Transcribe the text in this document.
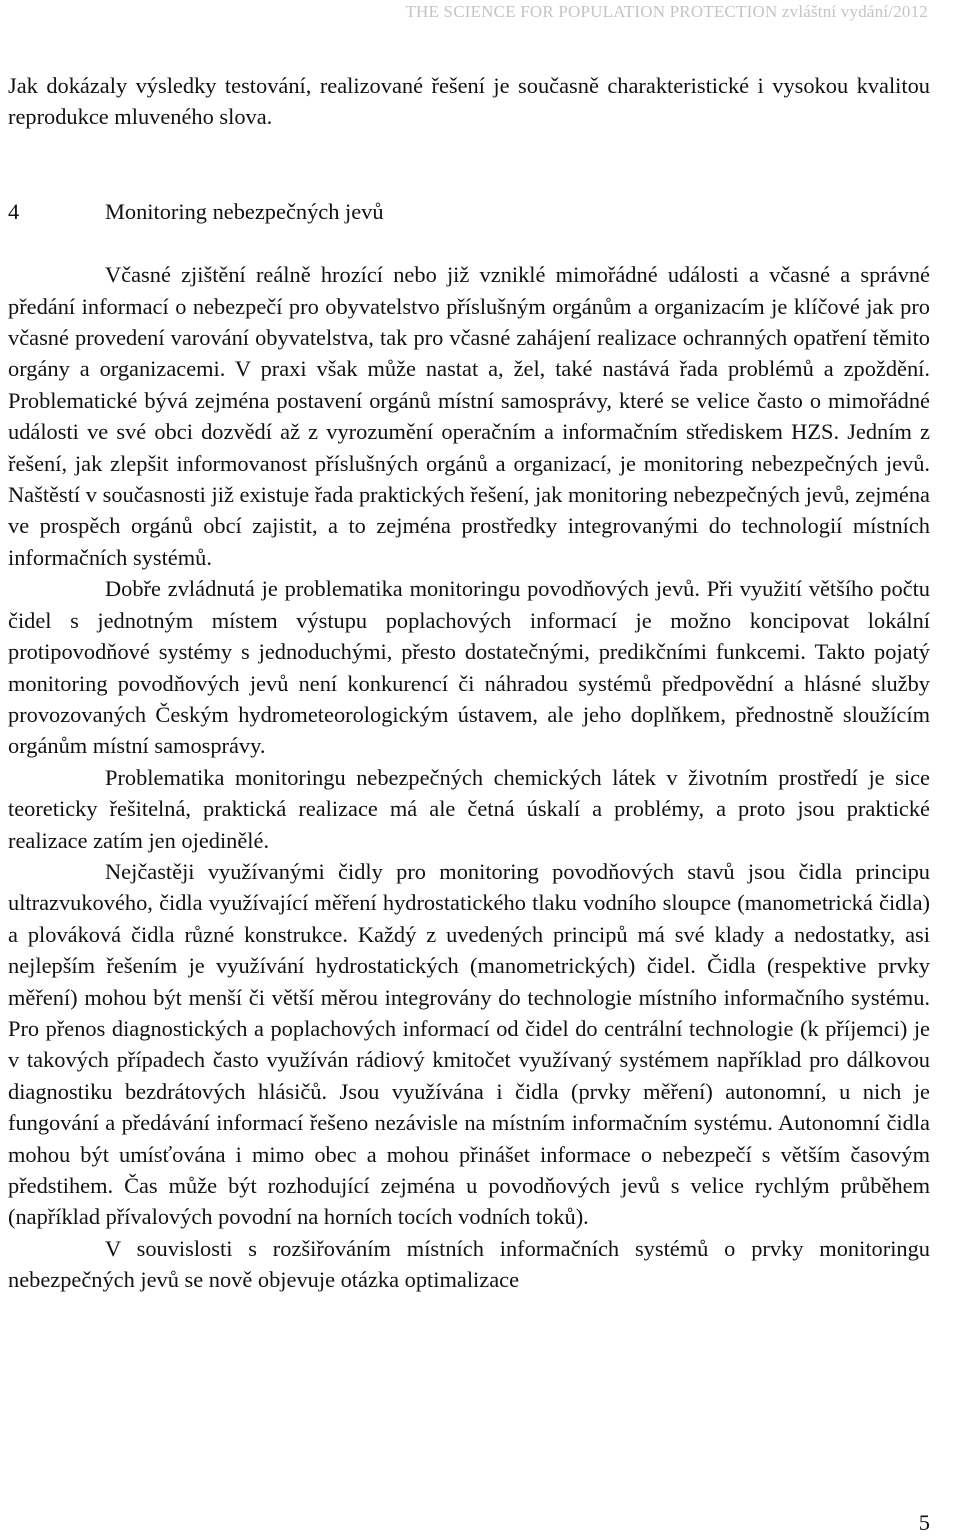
THE SCIENCE FOR POPULATION PROTECTION zvláštní vydání/2012

Jak dokázaly výsledky testování, realizované řešení je současně charakteristické i vysokou kvalitou reprodukce mluveného slova.

4	Monitoring nebezpečných jevů

Včasné zjištění reálně hrozící nebo již vzniklé mimořádné události a včasné a správné předání informací o nebezpečí pro obyvatelstvo příslušným orgánům a organizacím je klíčové jak pro včasné provedení varování obyvatelstva, tak pro včasné zahájení realizace ochranných opatření těmito orgány a organizacemi. V praxi však může nastat a, žel, také nastává řada problémů a zpoždění. Problematické bývá zejména postavení orgánů místní samosprávy, které se velice často o mimořádné události ve své obci dozvědí až z vyrozumění operačním a informačním střediskem HZS. Jedním z řešení, jak zlepšit informovanost příslušných orgánů a organizací, je monitoring nebezpečných jevů. Naštěstí v současnosti již existuje řada praktických řešení, jak monitoring nebezpečných jevů, zejména ve prospěch orgánů obcí zajistit, a to zejména prostředky integrovanými do technologií místních informačních systémů.

Dobře zvládnutá je problematika monitoringu povodňových jevů. Při využití většího počtu čidel s jednotným místem výstupu poplachových informací je možno koncipovat lokální protipovodňové systémy s jednoduchými, přesto dostatečnými, predikčními funkcemi. Takto pojatý monitoring povodňových jevů není konkurencí či náhradou systémů předpovědní a hlásné služby provozovaných Českým hydrometeorologickým ústavem, ale jeho doplňkem, přednostně sloužícím orgánům místní samosprávy.

Problematika monitoringu nebezpečných chemických látek v životním prostředí je sice teoreticky řešitelná, praktická realizace má ale četná úskalí a problémy, a proto jsou praktické realizace zatím jen ojedinělé.

Nejčastěji využívanými čidly pro monitoring povodňových stavů jsou čidla principu ultrazvukového, čidla využívající měření hydrostatického tlaku vodního sloupce (manometrická čidla) a plováková čidla různé konstrukce. Každý z uvedených principů má své klady a nedostatky, asi nejlepším řešením je využívání hydrostatických (manometrických) čidel. Čidla (respektive prvky měření) mohou být menší či větší měrou integrovány do technologie místního informačního systému. Pro přenos diagnostických a poplachových informací od čidel do centrální technologie (k příjemci) je v takových případech často využíván rádiový kmitočet využívaný systémem například pro dálkovou diagnostiku bezdrátových hlásičů. Jsou využívána i čidla (prvky měření) autonomní, u nich je fungování a předávání informací řešeno nezávisle na místním informačním systému. Autonomní čidla mohou být umísťována i mimo obec a mohou přinášet informace o nebezpečí s větším časovým předstihem. Čas může být rozhodující zejména u povodňových jevů s velice rychlým průběhem (například přívalových povodní na horních tocích vodních toků).

V souvislosti s rozšiřováním místních informačních systémů o prvky monitoringu nebezpečných jevů se nově objevuje otázka optimalizace

5
